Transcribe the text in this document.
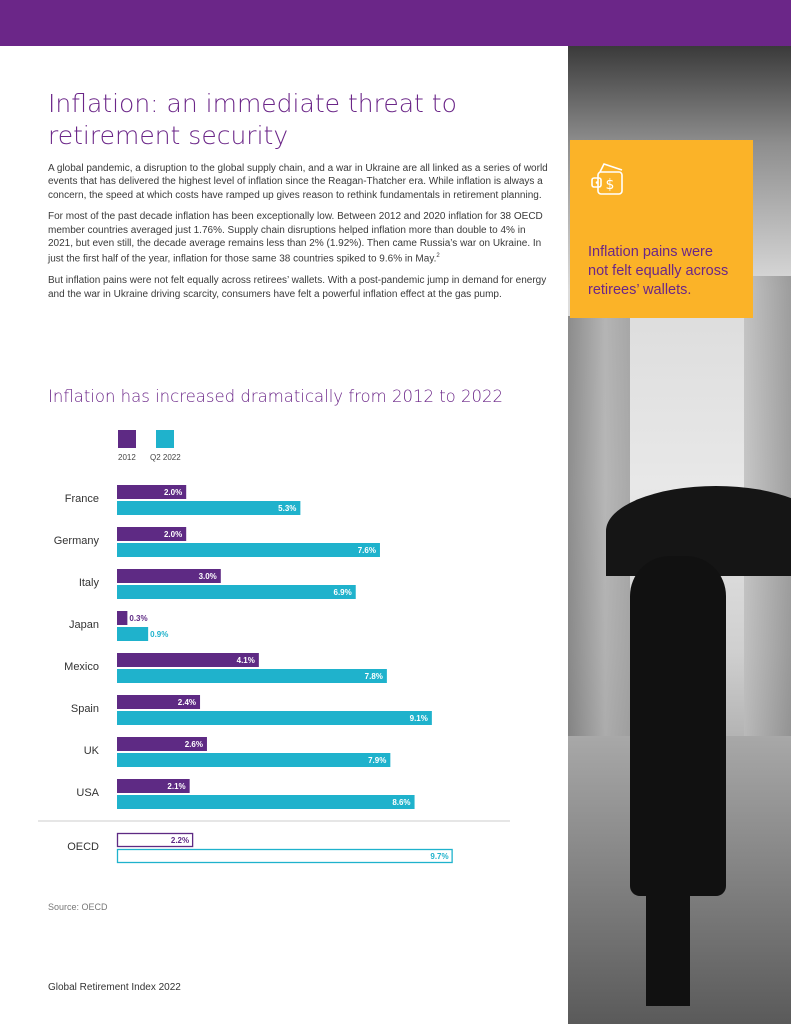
Inflation: an immediate threat to retirement security

A global pandemic, a disruption to the global supply chain, and a war in Ukraine are all linked as a series of world events that has delivered the highest level of inflation since the Reagan-Thatcher era. While inflation is always a concern, the speed at which costs have ramped up gives reason to rethink fundamentals in retirement planning.

For most of the past decade inflation has been exceptionally low. Between 2012 and 2020 inflation for 38 OECD member countries averaged just 1.76%. Supply chain disruptions helped inflation more than double to 4% in 2021, but even still, the decade average remains less than 2% (1.92%). Then came Russia’s war on Ukraine. In just the first half of the year, inflation for those same 38 countries spiked to 9.6% in May.$^2$

But inflation pains were not felt equally across retirees’ wallets. With a post-pandemic jump in demand for energy and the war in Ukraine driving scarcity, consumers have felt a powerful inflation effect at the gas pump.

Inflation has increased dramatically from 2012 to 2022
2012 Q2 2022
France
2.0%
5.3%
Germany
2.0%
7.6%
Italy
3.0%
6.9%
Japan
0.3%
0.9%
Mexico
4.1%
7.8%
Spain
2.4%
9.1%
UK
2.6%
7.9%
USA
2.1%
8.6%
OECD
2.2%
9.7%
Source: OECD
Global Retirement Index 2022
$
Inflation pains were not felt equally across retirees’ wallets.
